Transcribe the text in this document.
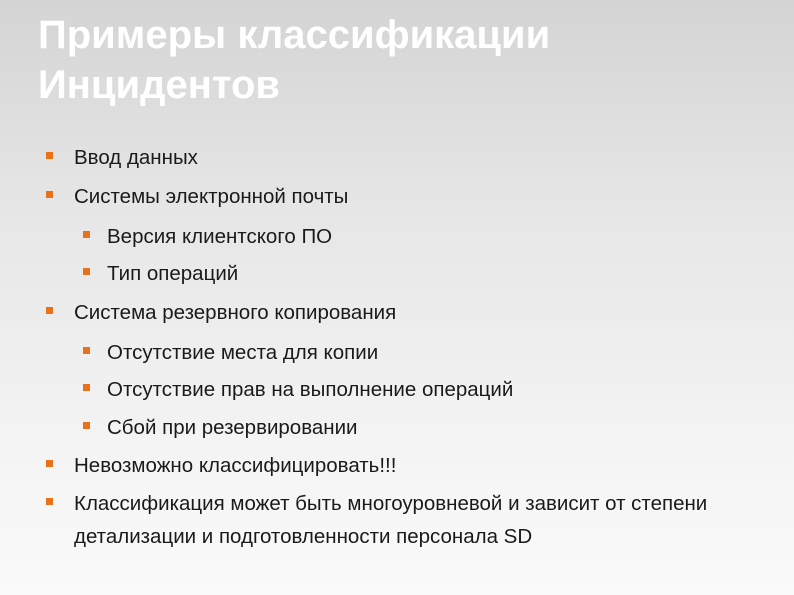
Примеры классификации
Инцидентов
Ввод данных
Системы электронной почты
Версия клиентского ПО
Тип операций
Система резервного копирования
Отсутствие места для копии
Отсутствие прав на выполнение операций
Сбой при резервировании
Невозможно классифицировать!!!
Классификация может быть многоуровневой и зависит от степени детализации и подготовленности персонала SD
